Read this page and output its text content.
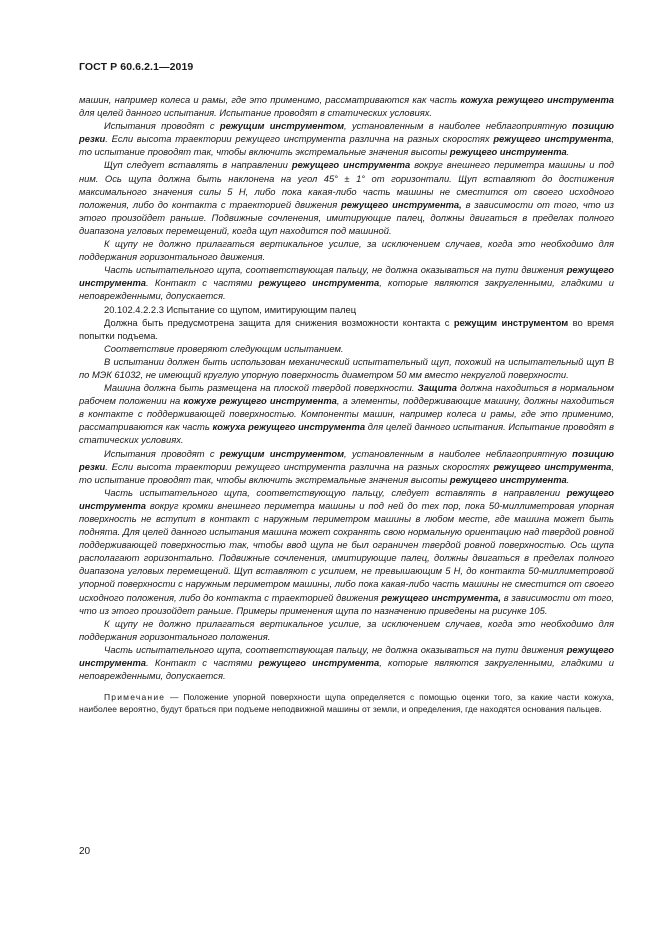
ГОСТ Р 60.6.2.1—2019

машин, например колеса и рамы, где это применимо, рассматриваются как часть кожуха режущего инструмента для целей данного испытания. Испытание проводят в статических условиях.

Испытания проводят с режущим инструментом, установленным в наиболее неблагоприятную позицию резки. Если высота траектории режущего инструмента различна на разных скоростях режущего инструмента, то испытание проводят так, чтобы включить экстремальные значения высоты режущего инструмента.

Щуп следует вставлять в направлении режущего инструмента вокруг внешнего периметра машины и под ним. Ось щупа должна быть наклонена на угол 45° ± 1° от горизонтали. Щуп вставляют до достижения максимального значения силы 5 Н, либо пока какая-либо часть машины не сместится от своего исходного положения, либо до контакта с траекторией движения режущего инструмента, в зависимости от того, что из этого произойдет раньше. Подвижные сочленения, имитирующие палец, должны двигаться в пределах полного диапазона угловых перемещений, когда щуп находится под машиной.

К щупу не должно прилагаться вертикальное усилие, за исключением случаев, когда это необходимо для поддержания горизонтального движения.

Часть испытательного щупа, соответствующая пальцу, не должна оказываться на пути движения режущего инструмента. Контакт с частями режущего инструмента, которые являются закругленными, гладкими и неповрежденными, допускается.

20.102.4.2.2.3 Испытание со щупом, имитирующим палец

Должна быть предусмотрена защита для снижения возможности контакта с режущим инструментом во время попытки подъема.

Соответствие проверяют следующим испытанием.

В испытании должен быть использован механический испытательный щуп, похожий на испытательный щуп В по МЭК 61032, не имеющий круглую упорную поверхность диаметром 50 мм вместо некруглой поверхности.

Машина должна быть размещена на плоской твердой поверхности. Защита должна находиться в нормальном рабочем положении на кожухе режущего инструмента, а элементы, поддерживающие машину, должны находиться в контакте с поддерживающей поверхностью. Компоненты машин, например колеса и рамы, где это применимо, рассматриваются как часть кожуха режущего инструмента для целей данного испытания. Испытание проводят в статических условиях.

Испытания проводят с режущим инструментом, установленным в наиболее неблагоприятную позицию резки. Если высота траектории режущего инструмента различна на разных скоростях режущего инструмента, то испытание проводят так, чтобы включить экстремальные значения высоты режущего инструмента.

Часть испытательного щупа, соответствующую пальцу, следует вставлять в направлении режущего инструмента вокруг кромки внешнего периметра машины и под ней до тех пор, пока 50-миллиметровая упорная поверхность не вступит в контакт с наружным периметром машины в любом месте, где машина может быть поднята. Для целей данного испытания машина может сохранять свою нормальную ориентацию над твердой ровной поддерживающей поверхностью так, чтобы ввод щупа не был ограничен твердой ровной поверхностью. Ось щупа располагают горизонтально. Подвижные сочленения, имитирующие палец, должны двигаться в пределах полного диапазона угловых перемещений. Щуп вставляют с усилием, не превышающим 5 Н, до контакта 50-миллиметровой упорной поверхности с наружным периметром машины, либо пока какая-либо часть машины не сместится от своего исходного положения, либо до контакта с траекторией движения режущего инструмента, в зависимости от того, что из этого произойдет раньше. Примеры применения щупа по назначению приведены на рисунке 105.

К щупу не должно прилагаться вертикальное усилие, за исключением случаев, когда это необходимо для поддержания горизонтального положения.

Часть испытательного щупа, соответствующая пальцу, не должна оказываться на пути движения режущего инструмента. Контакт с частями режущего инструмента, которые являются закругленными, гладкими и неповрежденными, допускается.

Примечание — Положение упорной поверхности щупа определяется с помощью оценки того, за какие части кожуха, наиболее вероятно, будут браться при подъеме неподвижной машины от земли, и определения, где находятся основания пальцев.

20
